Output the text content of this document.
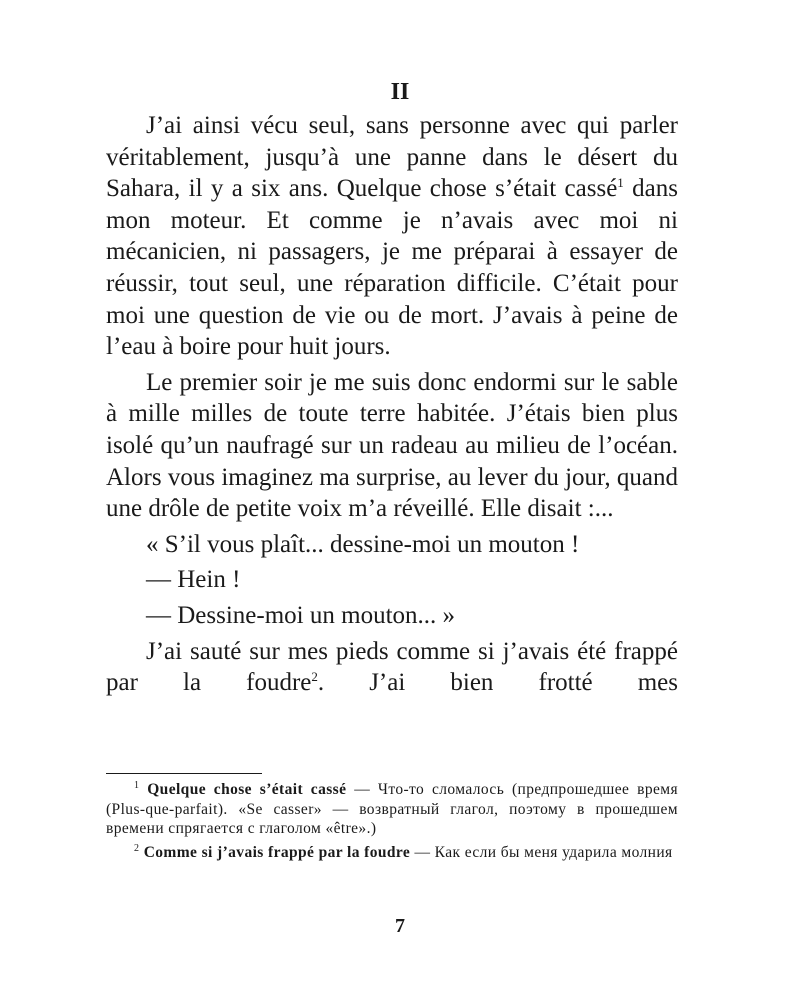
II

J’ai ainsi vécu seul, sans personne avec qui parler véritablement, jusqu’à une panne dans le désert du Sahara, il y a six ans. Quelque chose s’était cassé$^1$ dans mon moteur. Et comme je n’avais avec moi ni mécanicien, ni passagers, je me préparai à essayer de réussir, tout seul, une réparation difficile. C’était pour moi une question de vie ou de mort. J’avais à peine de l’eau à boire pour huit jours.

Le premier soir je me suis donc endormi sur le sable à mille milles de toute terre habitée. J’étais bien plus isolé qu’un naufragé sur un radeau au milieu de l’océan. Alors vous imaginez ma surprise, au lever du jour, quand une drôle de petite voix m’a réveillé. Elle disait :...

« S’il vous plaît... dessine-moi un mouton !

— Hein !

— Dessine-moi un mouton... »

J’ai sauté sur mes pieds comme si j’avais été frappé par la foudre$^2$. J’ai bien frotté mes

$^1$ Quelque chose s’était cassé — Что-то сломалось (предпрошедшее время (Plus-que-parfait). «Se casser» — возвратный глагол, поэтому в прошедшем времени спрягается с глаголом «être».)

$^2$ Comme si j’avais frappé par la foudre — Как если бы меня ударила молния

7
